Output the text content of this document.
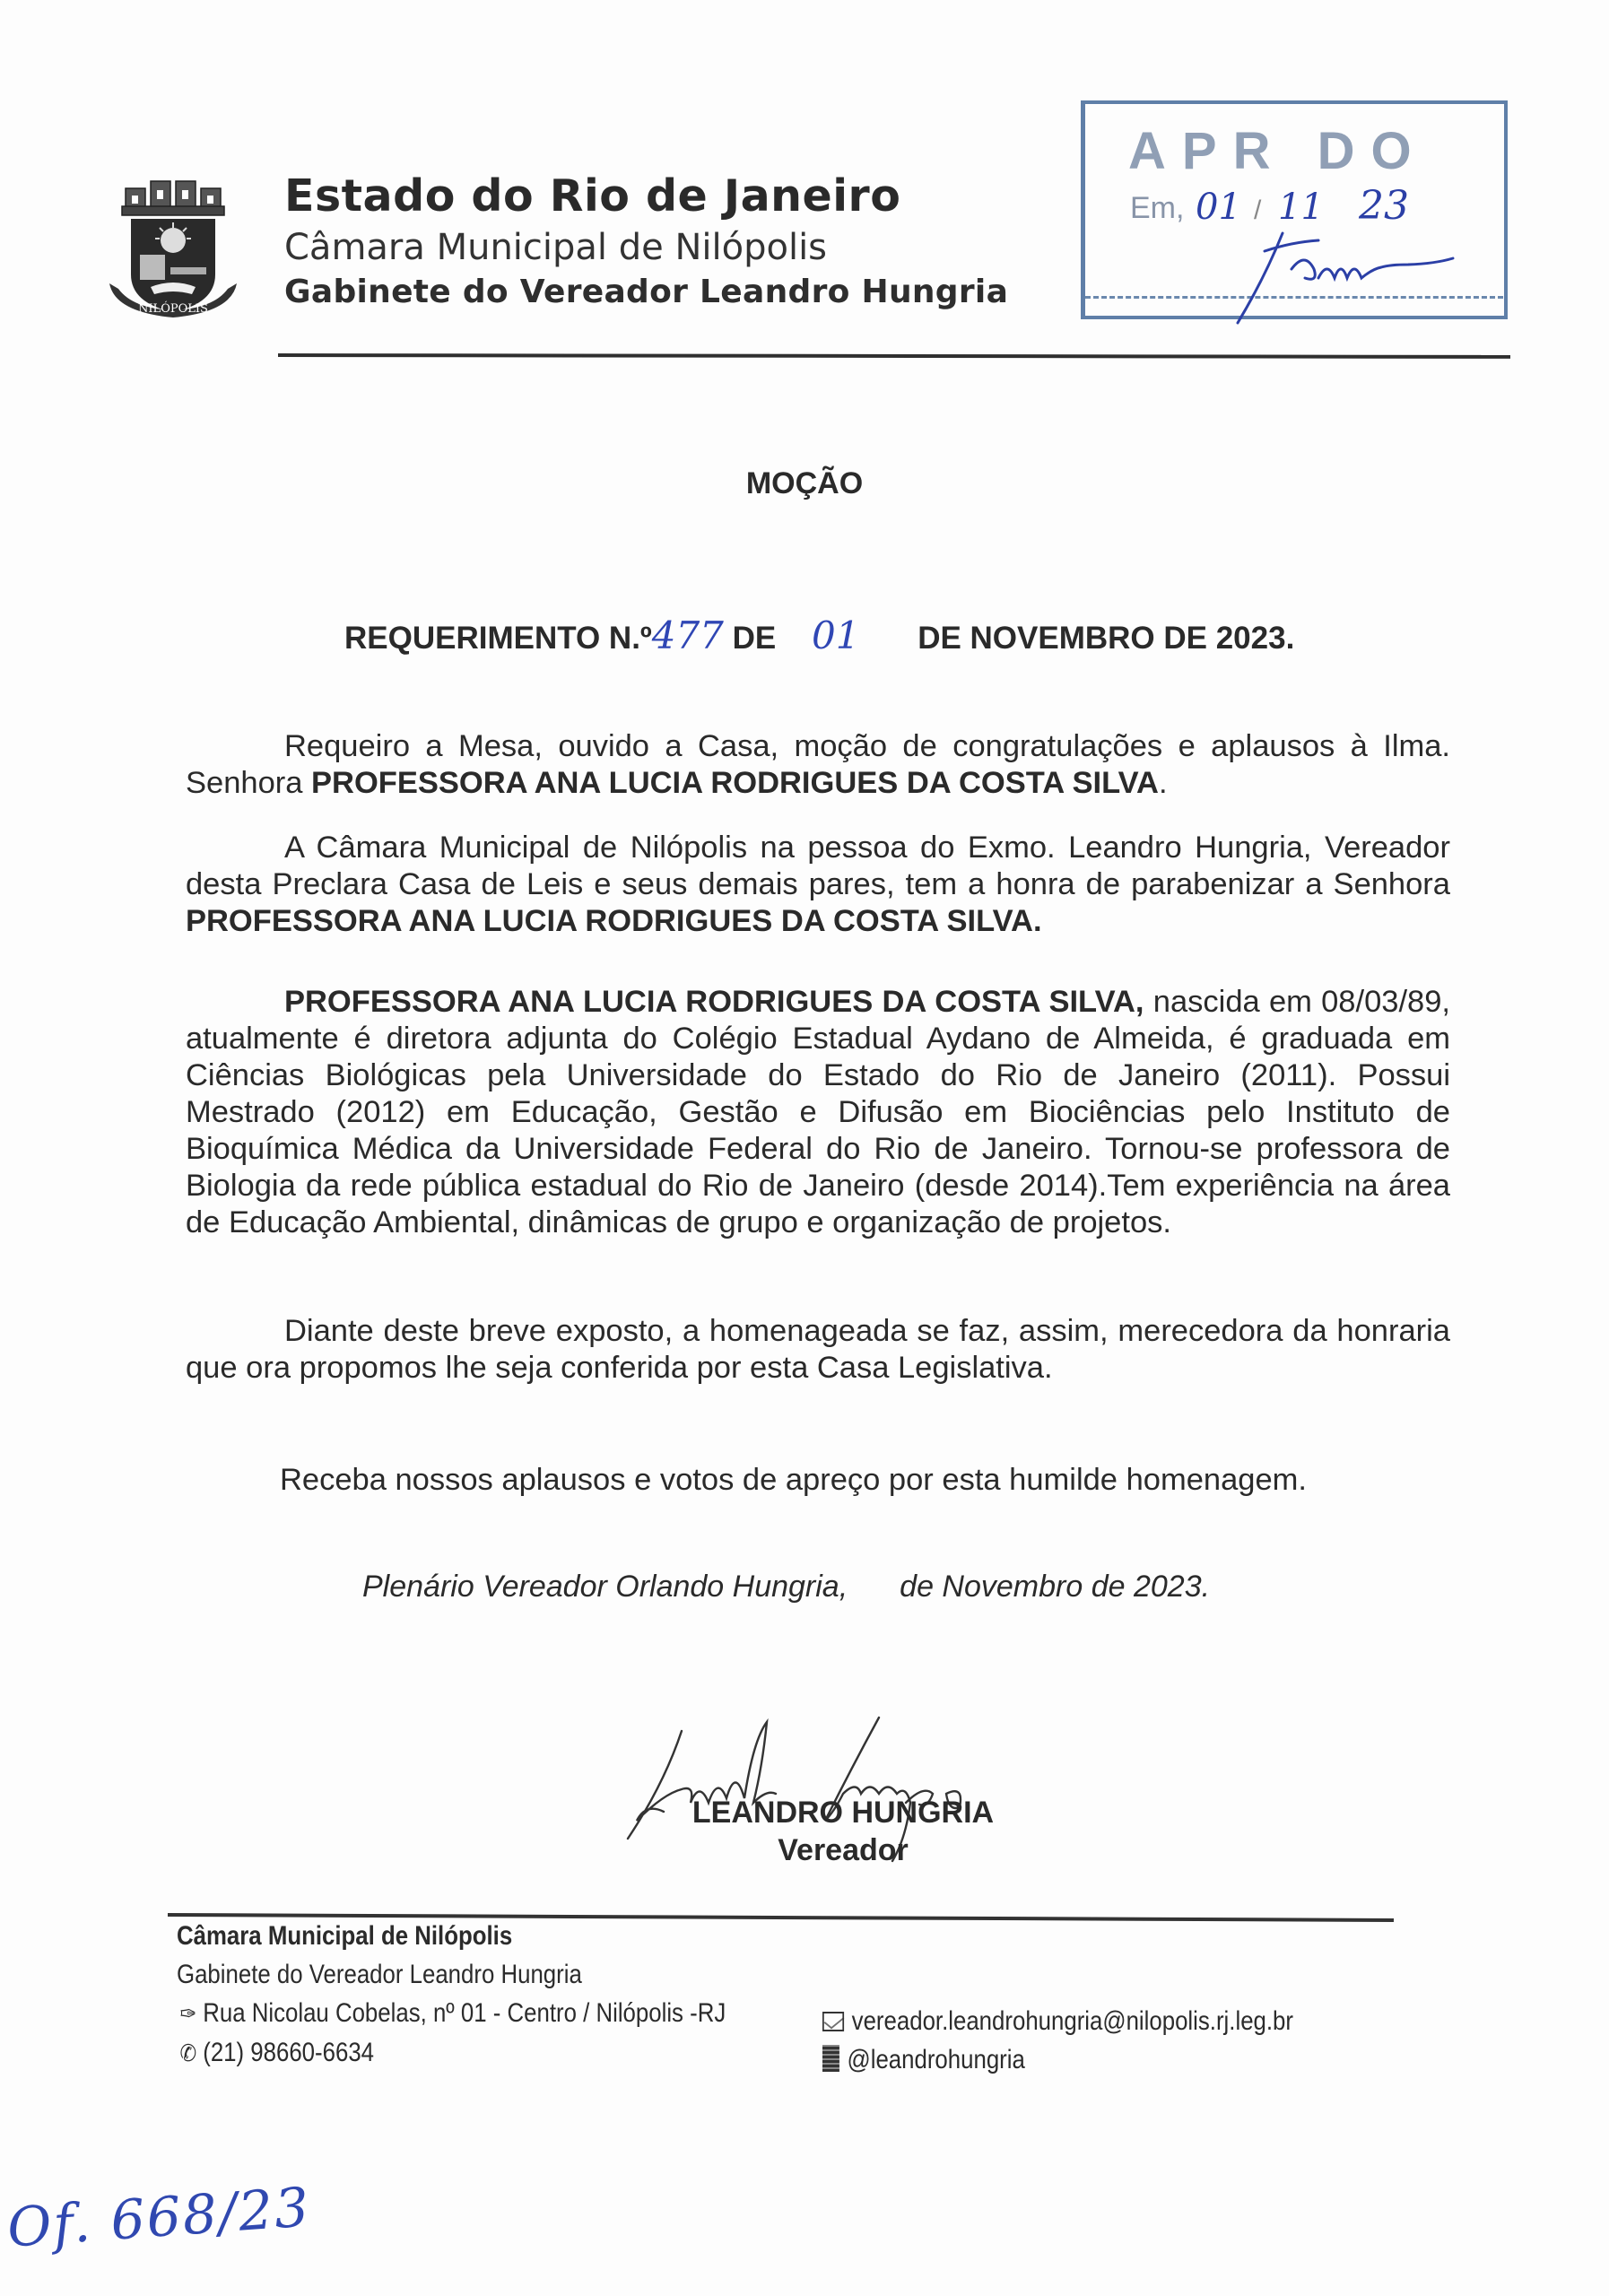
NILÓPOLIS
Estado do Rio de Janeiro
Câmara Municipal de Nilópolis
Gabinete do Vereador Leandro Hungria
APR DO
Em, 01 / 11 23
MOÇÃO
REQUERIMENTO N.º477 DE 01 DE NOVEMBRO DE 2023.
Requeiro a Mesa, ouvido a Casa, moção de congratulações e aplausos à Ilma. Senhora PROFESSORA ANA LUCIA RODRIGUES DA COSTA SILVA.
A Câmara Municipal de Nilópolis na pessoa do Exmo. Leandro Hungria, Vereador desta Preclara Casa de Leis e seus demais pares, tem a honra de parabenizar a Senhora PROFESSORA ANA LUCIA RODRIGUES DA COSTA SILVA.
PROFESSORA ANA LUCIA RODRIGUES DA COSTA SILVA, nascida em 08/03/89, atualmente é diretora adjunta do Colégio Estadual Aydano de Almeida, é graduada em Ciências Biológicas pela Universidade do Estado do Rio de Janeiro (2011). Possui Mestrado (2012) em Educação, Gestão e Difusão em Biociências pelo Instituto de Bioquímica Médica da Universidade Federal do Rio de Janeiro. Tornou-se professora de Biologia da rede pública estadual do Rio de Janeiro (desde 2014).Tem experiência na área de Educação Ambiental, dinâmicas de grupo e organização de projetos.
Diante deste breve exposto, a homenageada se faz, assim, merecedora da honraria que ora propomos lhe seja conferida por esta Casa Legislativa.
Receba nossos aplausos e votos de apreço por esta humilde homenagem.
Plenário Vereador Orlando Hungria, de Novembro de 2023.
LEANDRO HUNGRIA
Vereador
Câmara Municipal de Nilópolis
Gabinete do Vereador Leandro Hungria
✑ Rua Nicolau Cobelas, nº 01 - Centro / Nilópolis -RJ
✆ (21) 98660-6634
vereador.leandrohungria@nilopolis.rj.leg.br
@leandrohungria
Of. 668/23
